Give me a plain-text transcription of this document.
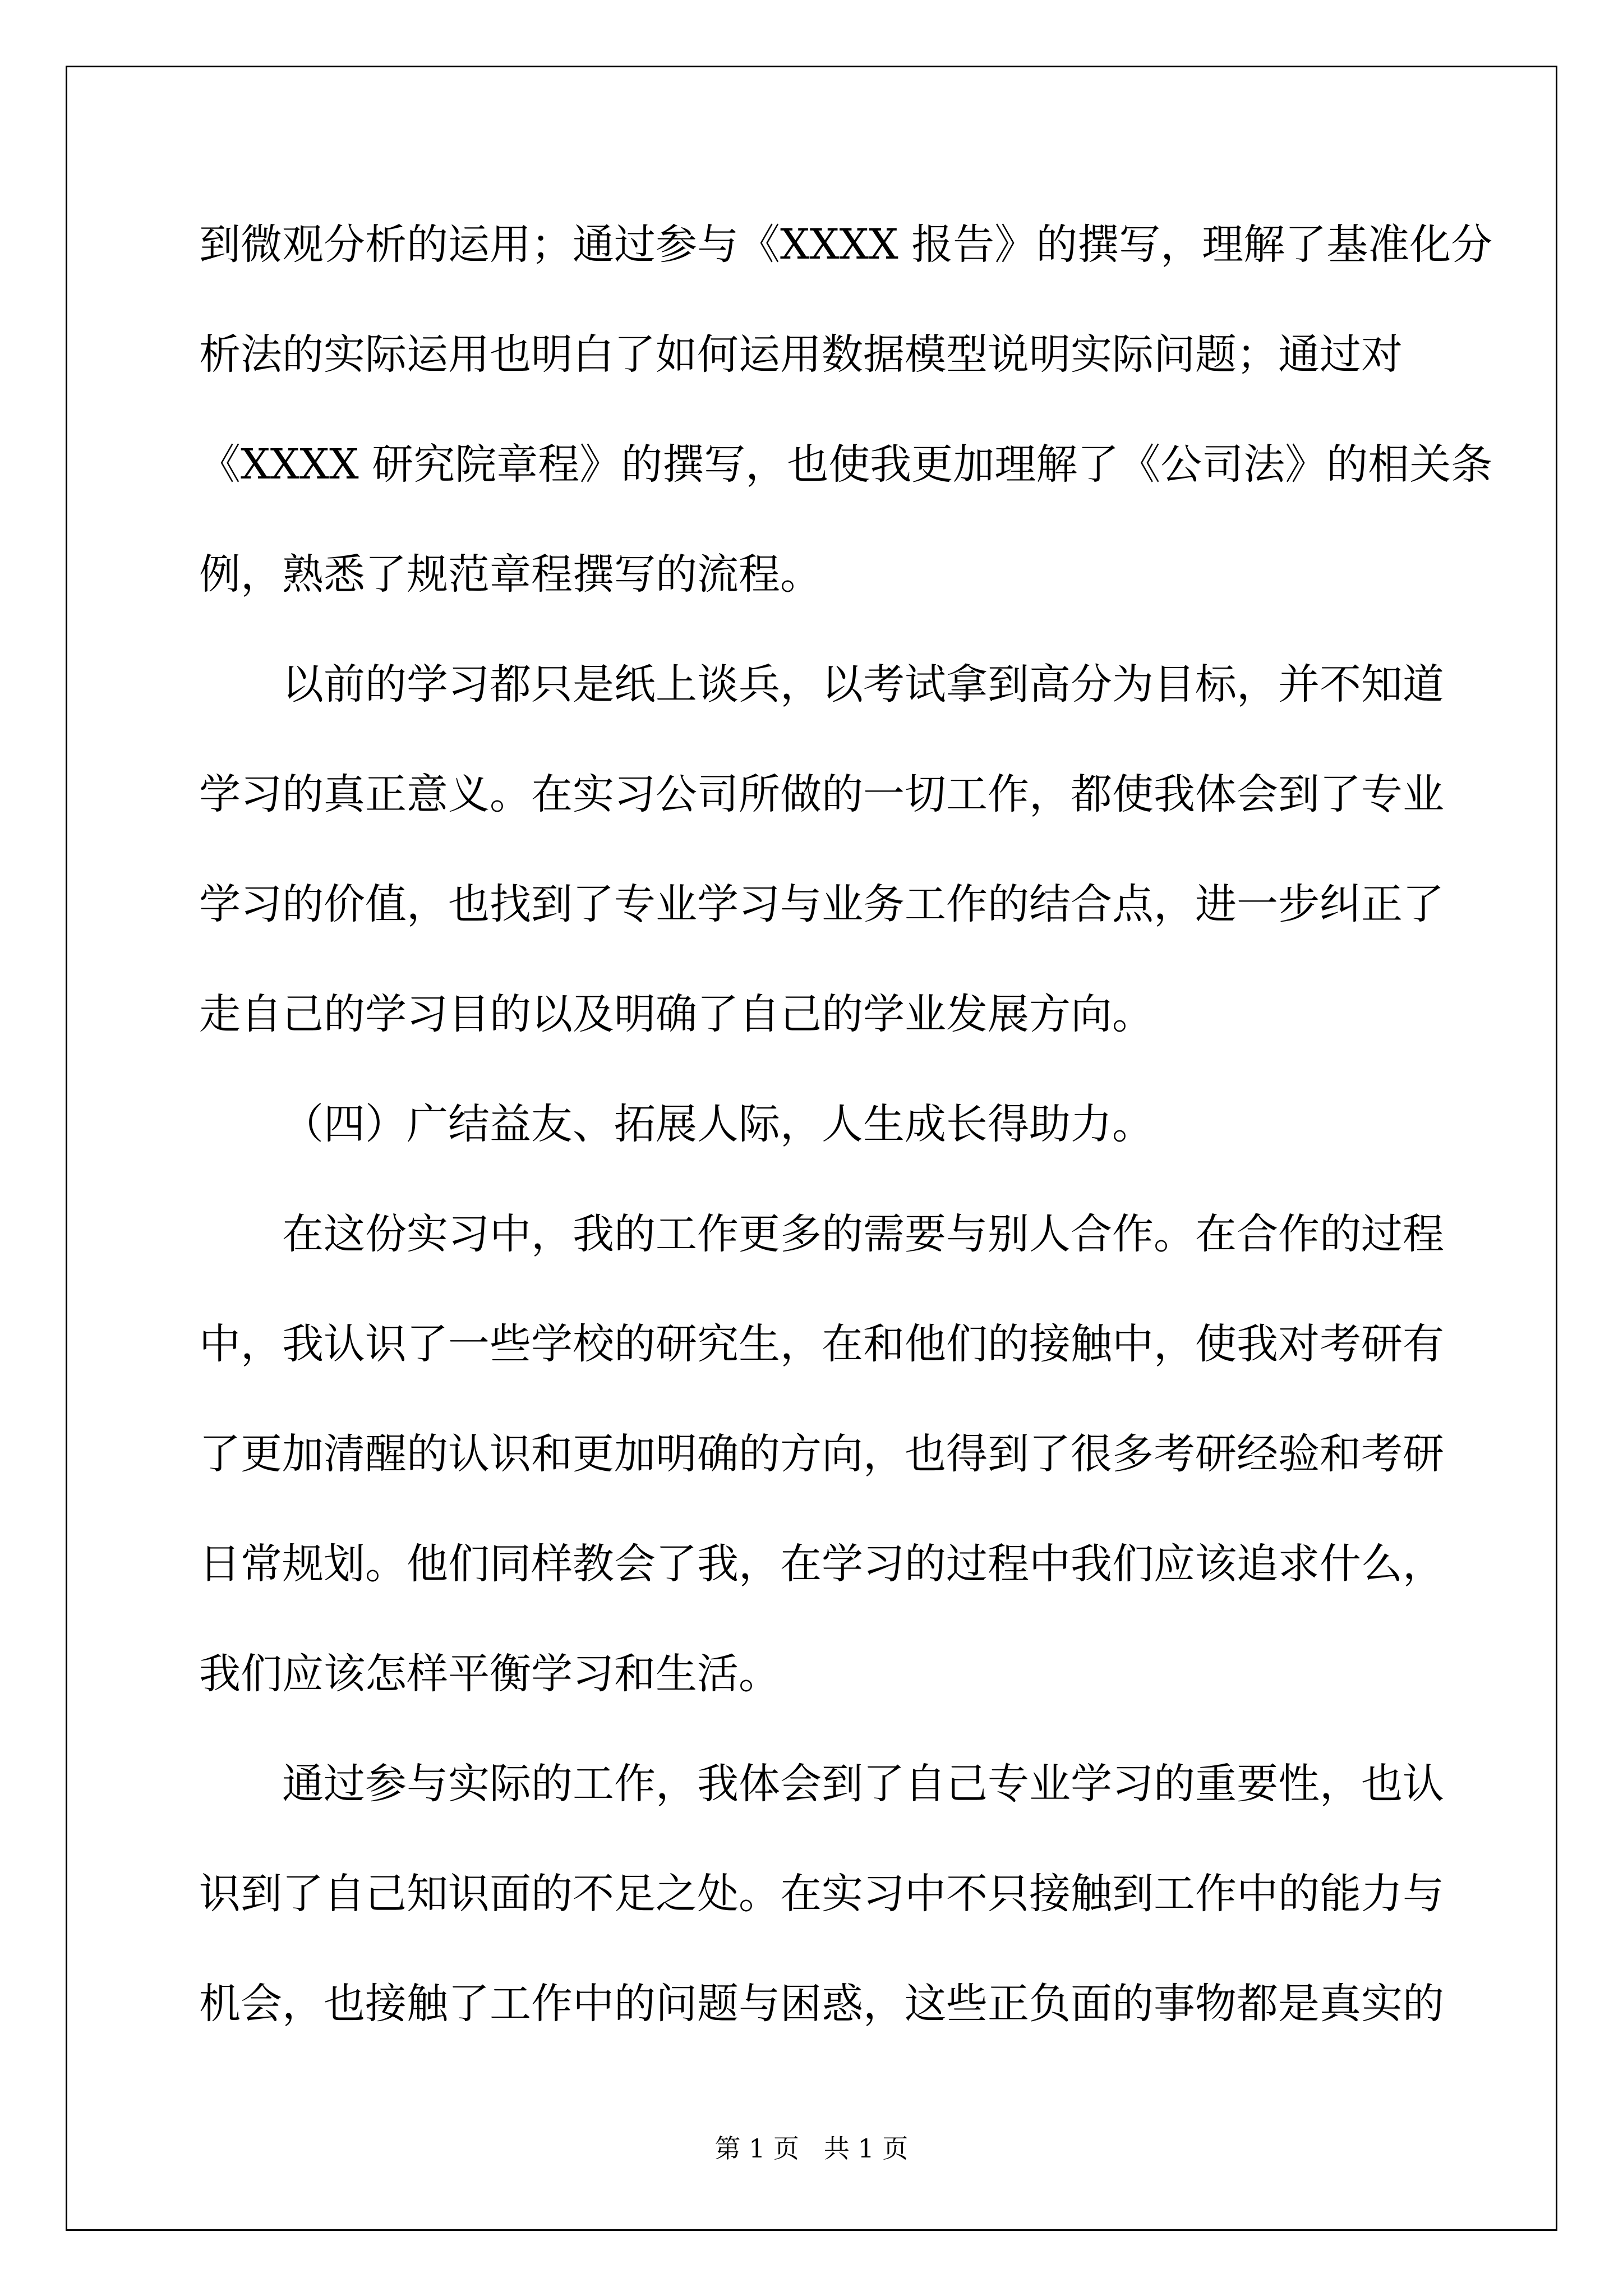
到微观分析的运用；通过参与《XXXX 报告》的撰写，理解了基准化分
析法的实际运用也明白了如何运用数据模型说明实际问题；通过对
《XXXX 研究院章程》的撰写，也使我更加理解了《公司法》的相关条
例，熟悉了规范章程撰写的流程。
以前的学习都只是纸上谈兵，以考试拿到高分为目标，并不知道
学习的真正意义。在实习公司所做的一切工作，都使我体会到了专业
学习的价值，也找到了专业学习与业务工作的结合点，进一步纠正了
走自己的学习目的以及明确了自己的学业发展方向。
（四）广结益友、拓展人际，人生成长得助力。
在这份实习中，我的工作更多的需要与别人合作。在合作的过程
中，我认识了一些学校的研究生，在和他们的接触中，使我对考研有
了更加清醒的认识和更加明确的方向，也得到了很多考研经验和考研
日常规划。他们同样教会了我，在学习的过程中我们应该追求什么，
我们应该怎样平衡学习和生活。
通过参与实际的工作，我体会到了自己专业学习的重要性，也认
识到了自己知识面的不足之处。在实习中不只接触到工作中的能力与
机会，也接触了工作中的问题与困惑，这些正负面的事物都是真实的
第 1 页   共 1 页
